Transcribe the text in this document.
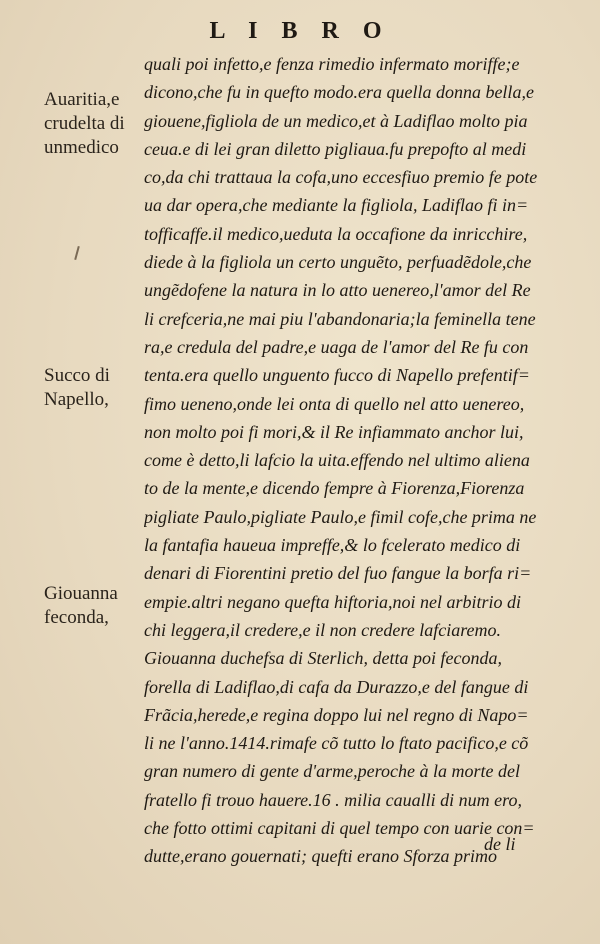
L I B R O
Auaritia,e
crudelta di
unmedico
Succo di
Napello,
Giouanna
feconda,
quali poi infetto,e fenza rimedio infermato moriffe;e
dicono,che fu in quefto modo.era quella donna bella,e
giouene,figliola de un medico,et à Ladiflao molto pia
ceua.e di lei gran diletto pigliaua.fu prepofto al medi
co,da chi trattaua la cofa,uno eccesfiuo premio fe pote
ua dar opera,che mediante la figliola, Ladiflao fi in=
toffiсaffe.il medico,ueduta la occafione da inricchire,
diede à la figliola un certo unguẽto, perfuadẽdole,che
ungẽdofene la natura in lo atto uenereo,l'amor del Re
li crefceria,ne mai piu l'abandonaria;la feminella tene
ra,e credula del padre,e uaga de l'amor del Re fu con
tenta.era quello unguento fucco di Napello prefentif=
fimo ueneno,onde lei onta di quello nel atto uenereo,
non molto poi fi mori,& il Re infiammato anchor lui,
come è detto,li lafcio la uita.effendo nel ultimo aliena
to de la mente,e dicendo fempre à Fiorenza,Fiorenza
pigliate Paulo,pigliate Paulo,e fimil cofe,che prima ne
la fantafia haueua impreffe,& lo fcelerato medico di
denari di Fiorentini pretio del fuo fangue la borfa ri=
empie.altri negano quefta hiftoria,noi nel arbitrio di
chi leggera,il credere,e il non credere lafciaremo.
Giouanna duchefsa di Sterlich, detta poi feconda,
forella di Ladiflao,di cafa da Durazzo,e del fangue di
Frãcia,herede,e regina doppo lui nel regno di Napo=
li ne l'anno.1414.rimafe cõ tutto lo ftato pacifico,e cõ
gran numero di gente d'arme,peroche à la morte del
fratello fi trouo hauere.16 . milia caualli di num ero,
che fotto ottimi capitani di quel tempo con uarie con=
dutte,erano gouernati; quefti erano Sforza primo
de li
